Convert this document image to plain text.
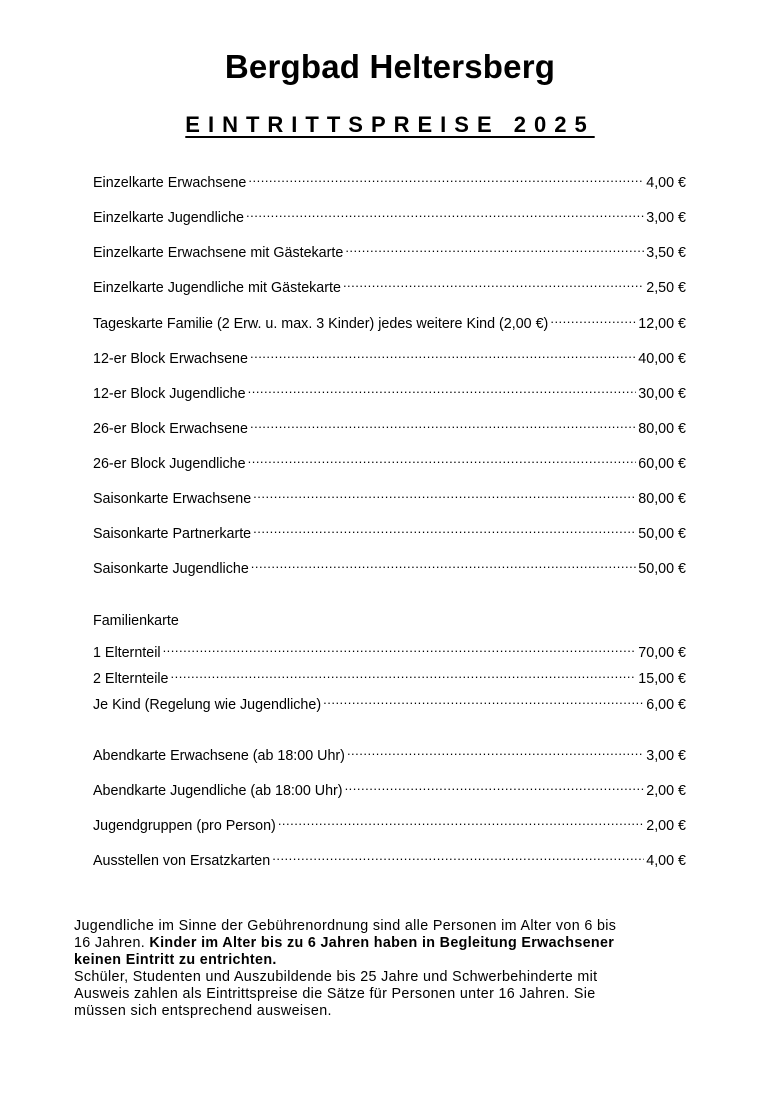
Bergbad Heltersberg
EINTRITTSPREISE 2025
Einzelkarte Erwachsene .....	4,00 €
Einzelkarte Jugendliche .....	3,00 €
Einzelkarte Erwachsene mit Gästekarte .....	3,50 €
Einzelkarte Jugendliche mit Gästekarte .....	2,50 €
Tageskarte Familie (2 Erw. u. max. 3 Kinder) jedes weitere Kind (2,00 €) .....	12,00 €
12-er Block Erwachsene .....	40,00 €
12-er Block Jugendliche .....	30,00 €
26-er Block Erwachsene .....	80,00 €
26-er Block Jugendliche .....	60,00 €
Saisonkarte Erwachsene .....	80,00 €
Saisonkarte Partnerkarte .....	50,00 €
Saisonkarte Jugendliche .....	50,00 €
Familienkarte
1 Elternteil .....	70,00 €
2 Elternteile .....	15,00 €
Je Kind (Regelung wie Jugendliche) .....	6,00 €
Abendkarte Erwachsene (ab 18:00 Uhr) .....	3,00 €
Abendkarte Jugendliche (ab 18:00 Uhr) .....	2,00 €
Jugendgruppen (pro Person) .....	2,00 €
Ausstellen von Ersatzkarten .....	4,00 €
Jugendliche im Sinne der Gebührenordnung sind alle Personen im Alter von 6 bis
16 Jahren. Kinder im Alter bis zu 6 Jahren haben in Begleitung Erwachsener
keinen Eintritt zu entrichten.
Schüler, Studenten und Auszubildende bis 25 Jahre und Schwerbehinderte mit
Ausweis zahlen als Eintrittspreise die Sätze für Personen unter 16 Jahren. Sie
müssen sich entsprechend ausweisen.
